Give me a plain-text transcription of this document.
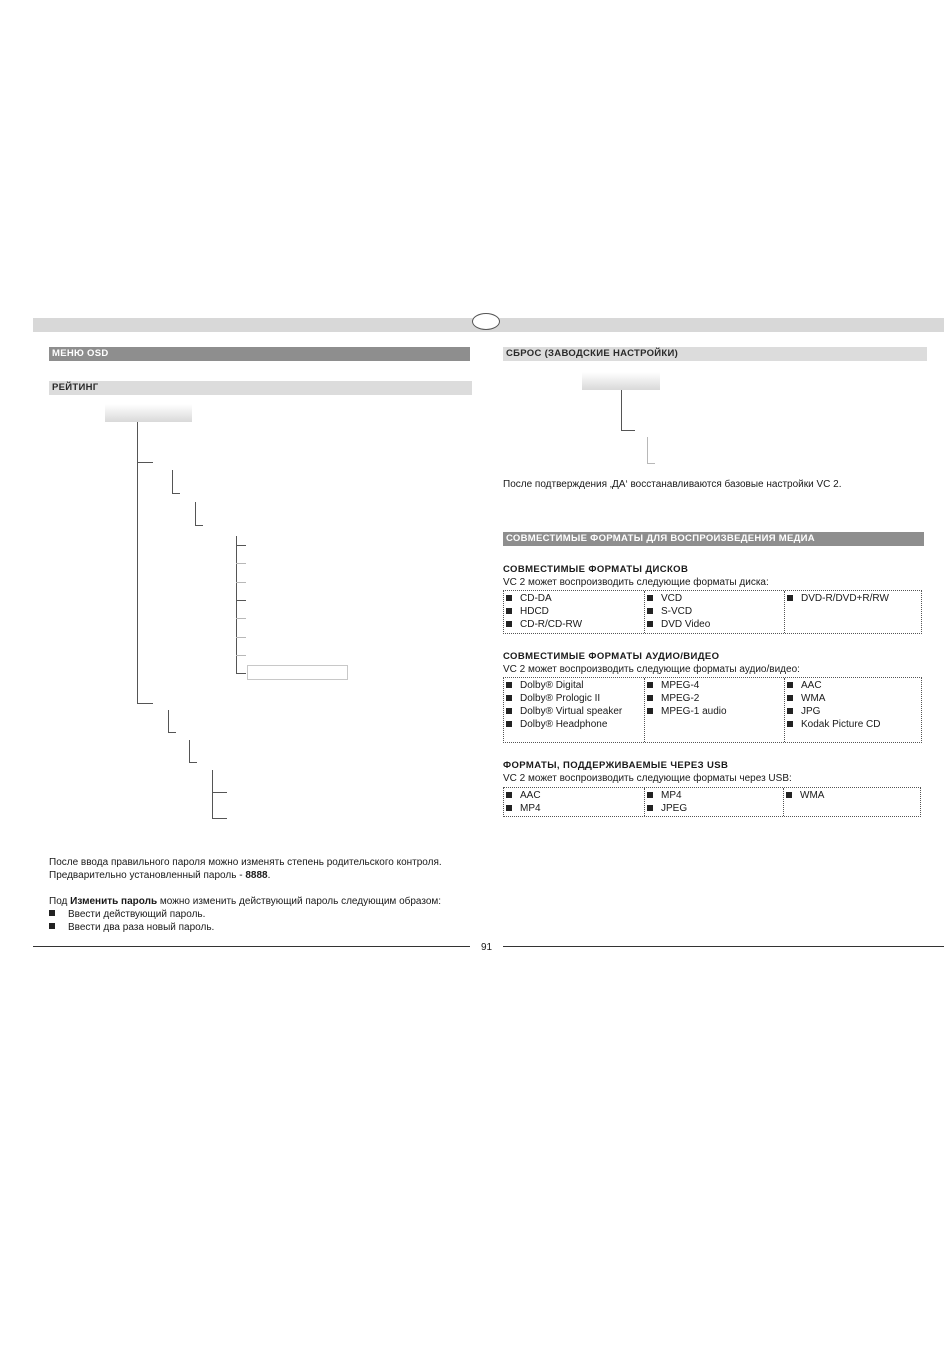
МЕНЮ OSD
РЕЙТИНГ
После ввода правильного пароля можно изменять степень родительского контроля.
Предварительно установленный пароль - 8888.
Под Изменить пароль можно изменить действующий пароль следующим образом:
Ввести действующий пароль.
Ввести два раза новый пароль.
СБРОС (ЗАВОДСКИЕ НАСТРОЙКИ)
После подтверждения ‚ДА‘ восстанавливаются базовые настройки VC 2.
СОВМЕСТИМЫЕ ФОРМАТЫ ДЛЯ ВОСПРОИЗВЕДЕНИЯ МЕДИА
СОВМЕСТИМЫЕ ФОРМАТЫ ДИСКОВ
VC 2 может воспроизводить следующие форматы диска:
CD-DA
HDCD
CD-R/CD-RW
VCD
S-VCD
DVD Video
DVD-R/DVD+R/RW
СОВМЕСТИМЫЕ ФОРМАТЫ АУДИО/ВИДЕО
VC 2 может воспроизводить следующие форматы аудио/видео:
Dolby® Digital
Dolby® Prologic II
Dolby® Virtual speaker
Dolby® Headphone
MPEG-4
MPEG-2
MPEG-1 audio
AAC
WMA
JPG
Kodak Picture CD
ФОРМАТЫ, ПОДДЕРЖИВАЕМЫЕ ЧЕРЕЗ USB
VC 2 может воспроизводить следующие форматы через USB:
AAC
MP4
MP4
JPEG
WMA
91
